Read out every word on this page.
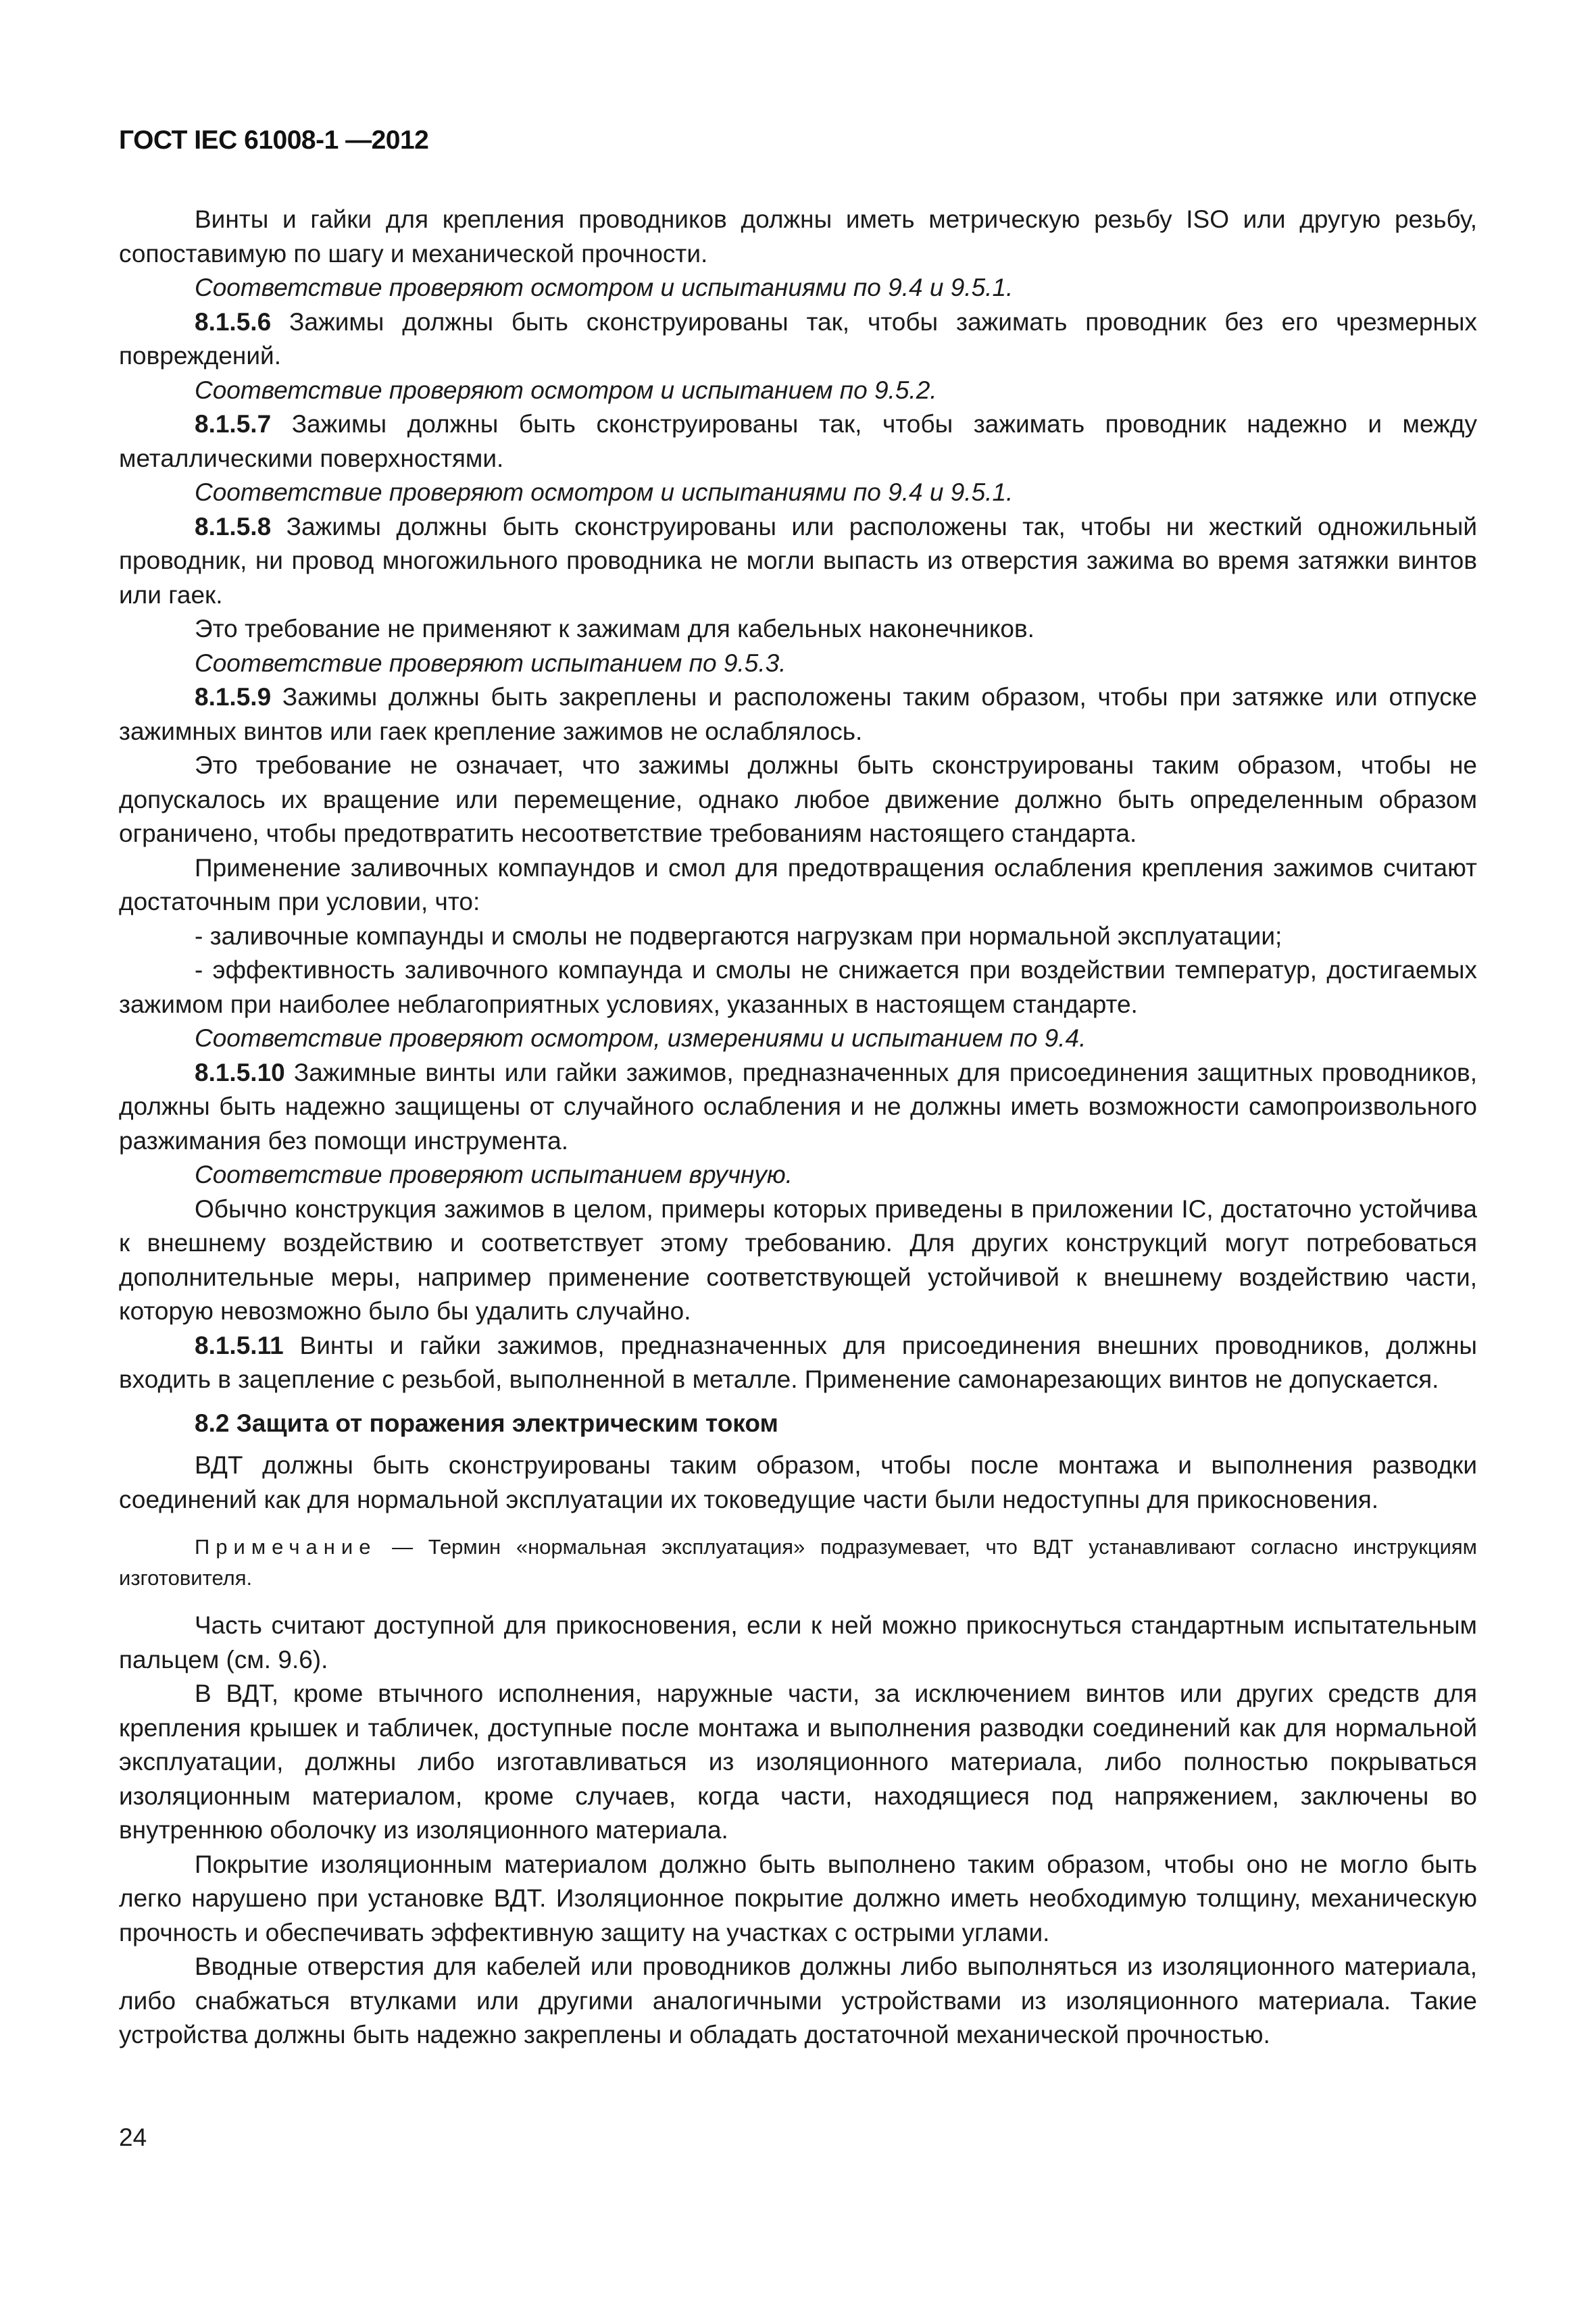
ГОСТ IEC 61008-1 —2012

Винты и гайки для крепления проводников должны иметь метрическую резьбу ISO или другую резьбу, сопоставимую по шагу и механической прочности.

Соответствие проверяют осмотром и испытаниями по 9.4 и 9.5.1.

8.1.5.6 Зажимы должны быть сконструированы так, чтобы зажимать проводник без его чрезмерных повреждений.

Соответствие проверяют осмотром и испытанием по 9.5.2.

8.1.5.7 Зажимы должны быть сконструированы так, чтобы зажимать проводник надежно и между металлическими поверхностями.

Соответствие проверяют осмотром и испытаниями по 9.4 и 9.5.1.

8.1.5.8 Зажимы должны быть сконструированы или расположены так, чтобы ни жесткий одножильный проводник, ни провод многожильного проводника не могли выпасть из отверстия зажима во время затяжки винтов или гаек.

Это требование не применяют к зажимам для кабельных наконечников.

Соответствие проверяют испытанием по 9.5.3.

8.1.5.9 Зажимы должны быть закреплены и расположены таким образом, чтобы при затяжке или отпуске зажимных винтов или гаек крепление зажимов не ослаблялось.

Это требование не означает, что зажимы должны быть сконструированы таким образом, чтобы не допускалось их вращение или перемещение, однако любое движение должно быть определенным образом ограничено, чтобы предотвратить несоответствие требованиям настоящего стандарта.

Применение заливочных компаундов и смол для предотвращения ослабления крепления зажимов считают достаточным при условии, что:

- заливочные компаунды и смолы не подвергаются нагрузкам при нормальной эксплуатации;

- эффективность заливочного компаунда и смолы не снижается при воздействии температур, достигаемых зажимом при наиболее неблагоприятных условиях, указанных в настоящем стандарте.

Соответствие проверяют осмотром, измерениями и испытанием по 9.4.

8.1.5.10 Зажимные винты или гайки зажимов, предназначенных для присоединения защитных проводников, должны быть надежно защищены от случайного ослабления и не должны иметь возможности самопроизвольного разжимания без помощи инструмента.

Соответствие проверяют испытанием вручную.

Обычно конструкция зажимов в целом, примеры которых приведены в приложении IC, достаточно устойчива к внешнему воздействию и соответствует этому требованию. Для других конструкций могут потребоваться дополнительные меры, например применение соответствующей устойчивой к внешнему воздействию части, которую невозможно было бы удалить случайно.

8.1.5.11 Винты и гайки зажимов, предназначенных для присоединения внешних проводников, должны входить в зацепление с резьбой, выполненной в металле. Применение самонарезающих винтов не допускается.

8.2 Защита от поражения электрическим током

ВДТ должны быть сконструированы таким образом, чтобы после монтажа и выполнения разводки соединений как для нормальной эксплуатации их токоведущие части были недоступны для прикосновения.

Примечание — Термин «нормальная эксплуатация» подразумевает, что ВДТ устанавливают согласно инструкциям изготовителя.

Часть считают доступной для прикосновения, если к ней можно прикоснуться стандартным испытательным пальцем (см. 9.6).

В ВДТ, кроме втычного исполнения, наружные части, за исключением винтов или других средств для крепления крышек и табличек, доступные после монтажа и выполнения разводки соединений как для нормальной эксплуатации, должны либо изготавливаться из изоляционного материала, либо полностью покрываться изоляционным материалом, кроме случаев, когда части, находящиеся под напряжением, заключены во внутреннюю оболочку из изоляционного материала.

Покрытие изоляционным материалом должно быть выполнено таким образом, чтобы оно не могло быть легко нарушено при установке ВДТ. Изоляционное покрытие должно иметь необходимую толщину, механическую прочность и обеспечивать эффективную защиту на участках с острыми углами.

Вводные отверстия для кабелей или проводников должны либо выполняться из изоляционного материала, либо снабжаться втулками или другими аналогичными устройствами из изоляционного материала. Такие устройства должны быть надежно закреплены и обладать достаточной механической прочностью.

24
